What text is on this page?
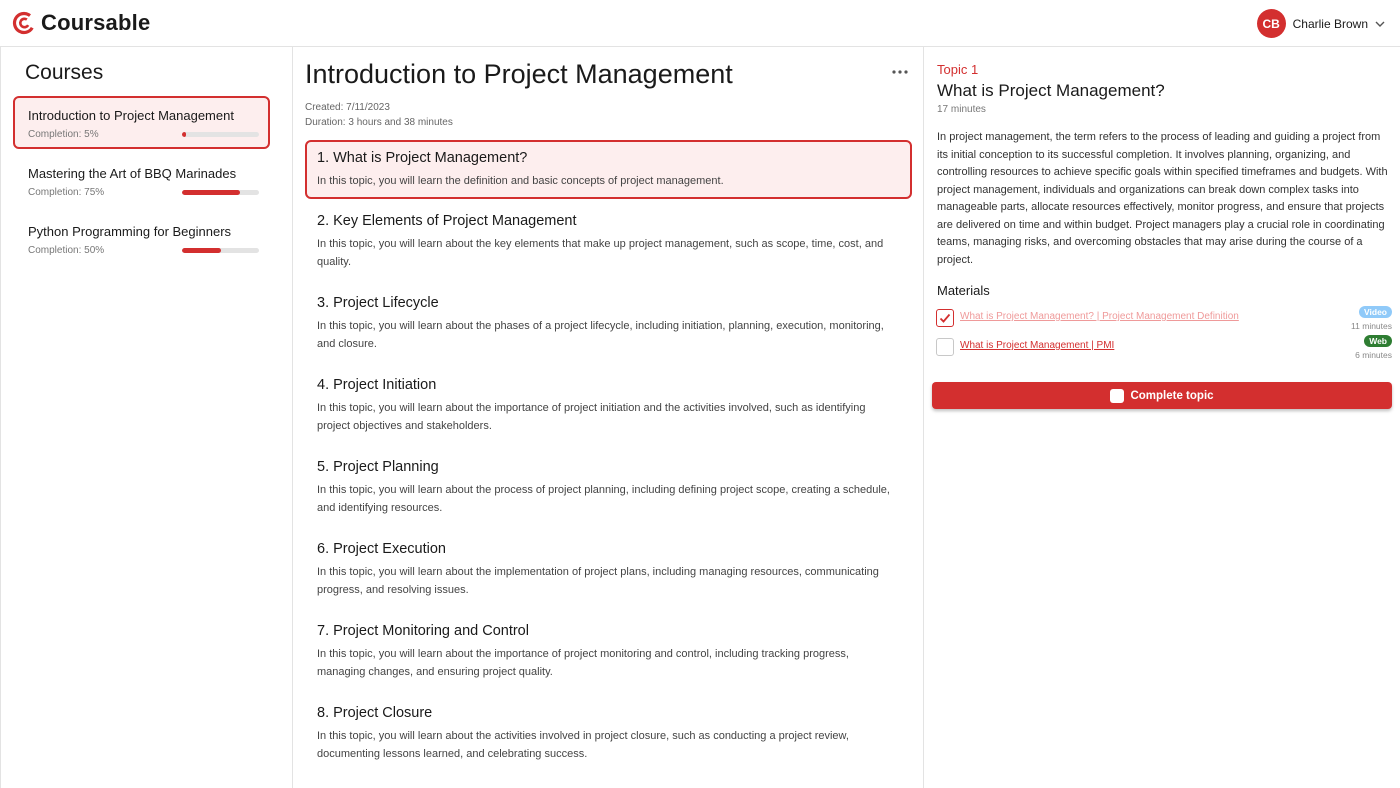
Coursable	CB	Charlie Brown
Courses
Introduction to Project Management
Completion: 5%
Mastering the Art of BBQ Marinades
Completion: 75%
Python Programming for Beginners
Completion: 50%
Introduction to Project Management
Created: 7/11/2023
Duration: 3 hours and 38 minutes
1. What is Project Management?
In this topic, you will learn the definition and basic concepts of project management.
2. Key Elements of Project Management
In this topic, you will learn about the key elements that make up project management, such as scope, time, cost, and quality.
3. Project Lifecycle
In this topic, you will learn about the phases of a project lifecycle, including initiation, planning, execution, monitoring, and closure.
4. Project Initiation
In this topic, you will learn about the importance of project initiation and the activities involved, such as identifying project objectives and stakeholders.
5. Project Planning
In this topic, you will learn about the process of project planning, including defining project scope, creating a schedule, and identifying resources.
6. Project Execution
In this topic, you will learn about the implementation of project plans, including managing resources, communicating progress, and resolving issues.
7. Project Monitoring and Control
In this topic, you will learn about the importance of project monitoring and control, including tracking progress, managing changes, and ensuring project quality.
8. Project Closure
In this topic, you will learn about the activities involved in project closure, such as conducting a project review, documenting lessons learned, and celebrating success.
Topic 1
What is Project Management?
17 minutes
In project management, the term refers to the process of leading and guiding a project from its initial conception to its successful completion. It involves planning, organizing, and controlling resources to achieve specific goals within specified timeframes and budgets. With project management, individuals and organizations can break down complex tasks into manageable parts, allocate resources effectively, monitor progress, and ensure that projects are delivered on time and within budget. Project managers play a crucial role in coordinating teams, managing risks, and overcoming obstacles that may arise during the course of a project.
Materials
What is Project Management? | Project Management Definition	Video
11 minutes
What is Project Management | PMI	Web
6 minutes
Complete topic
